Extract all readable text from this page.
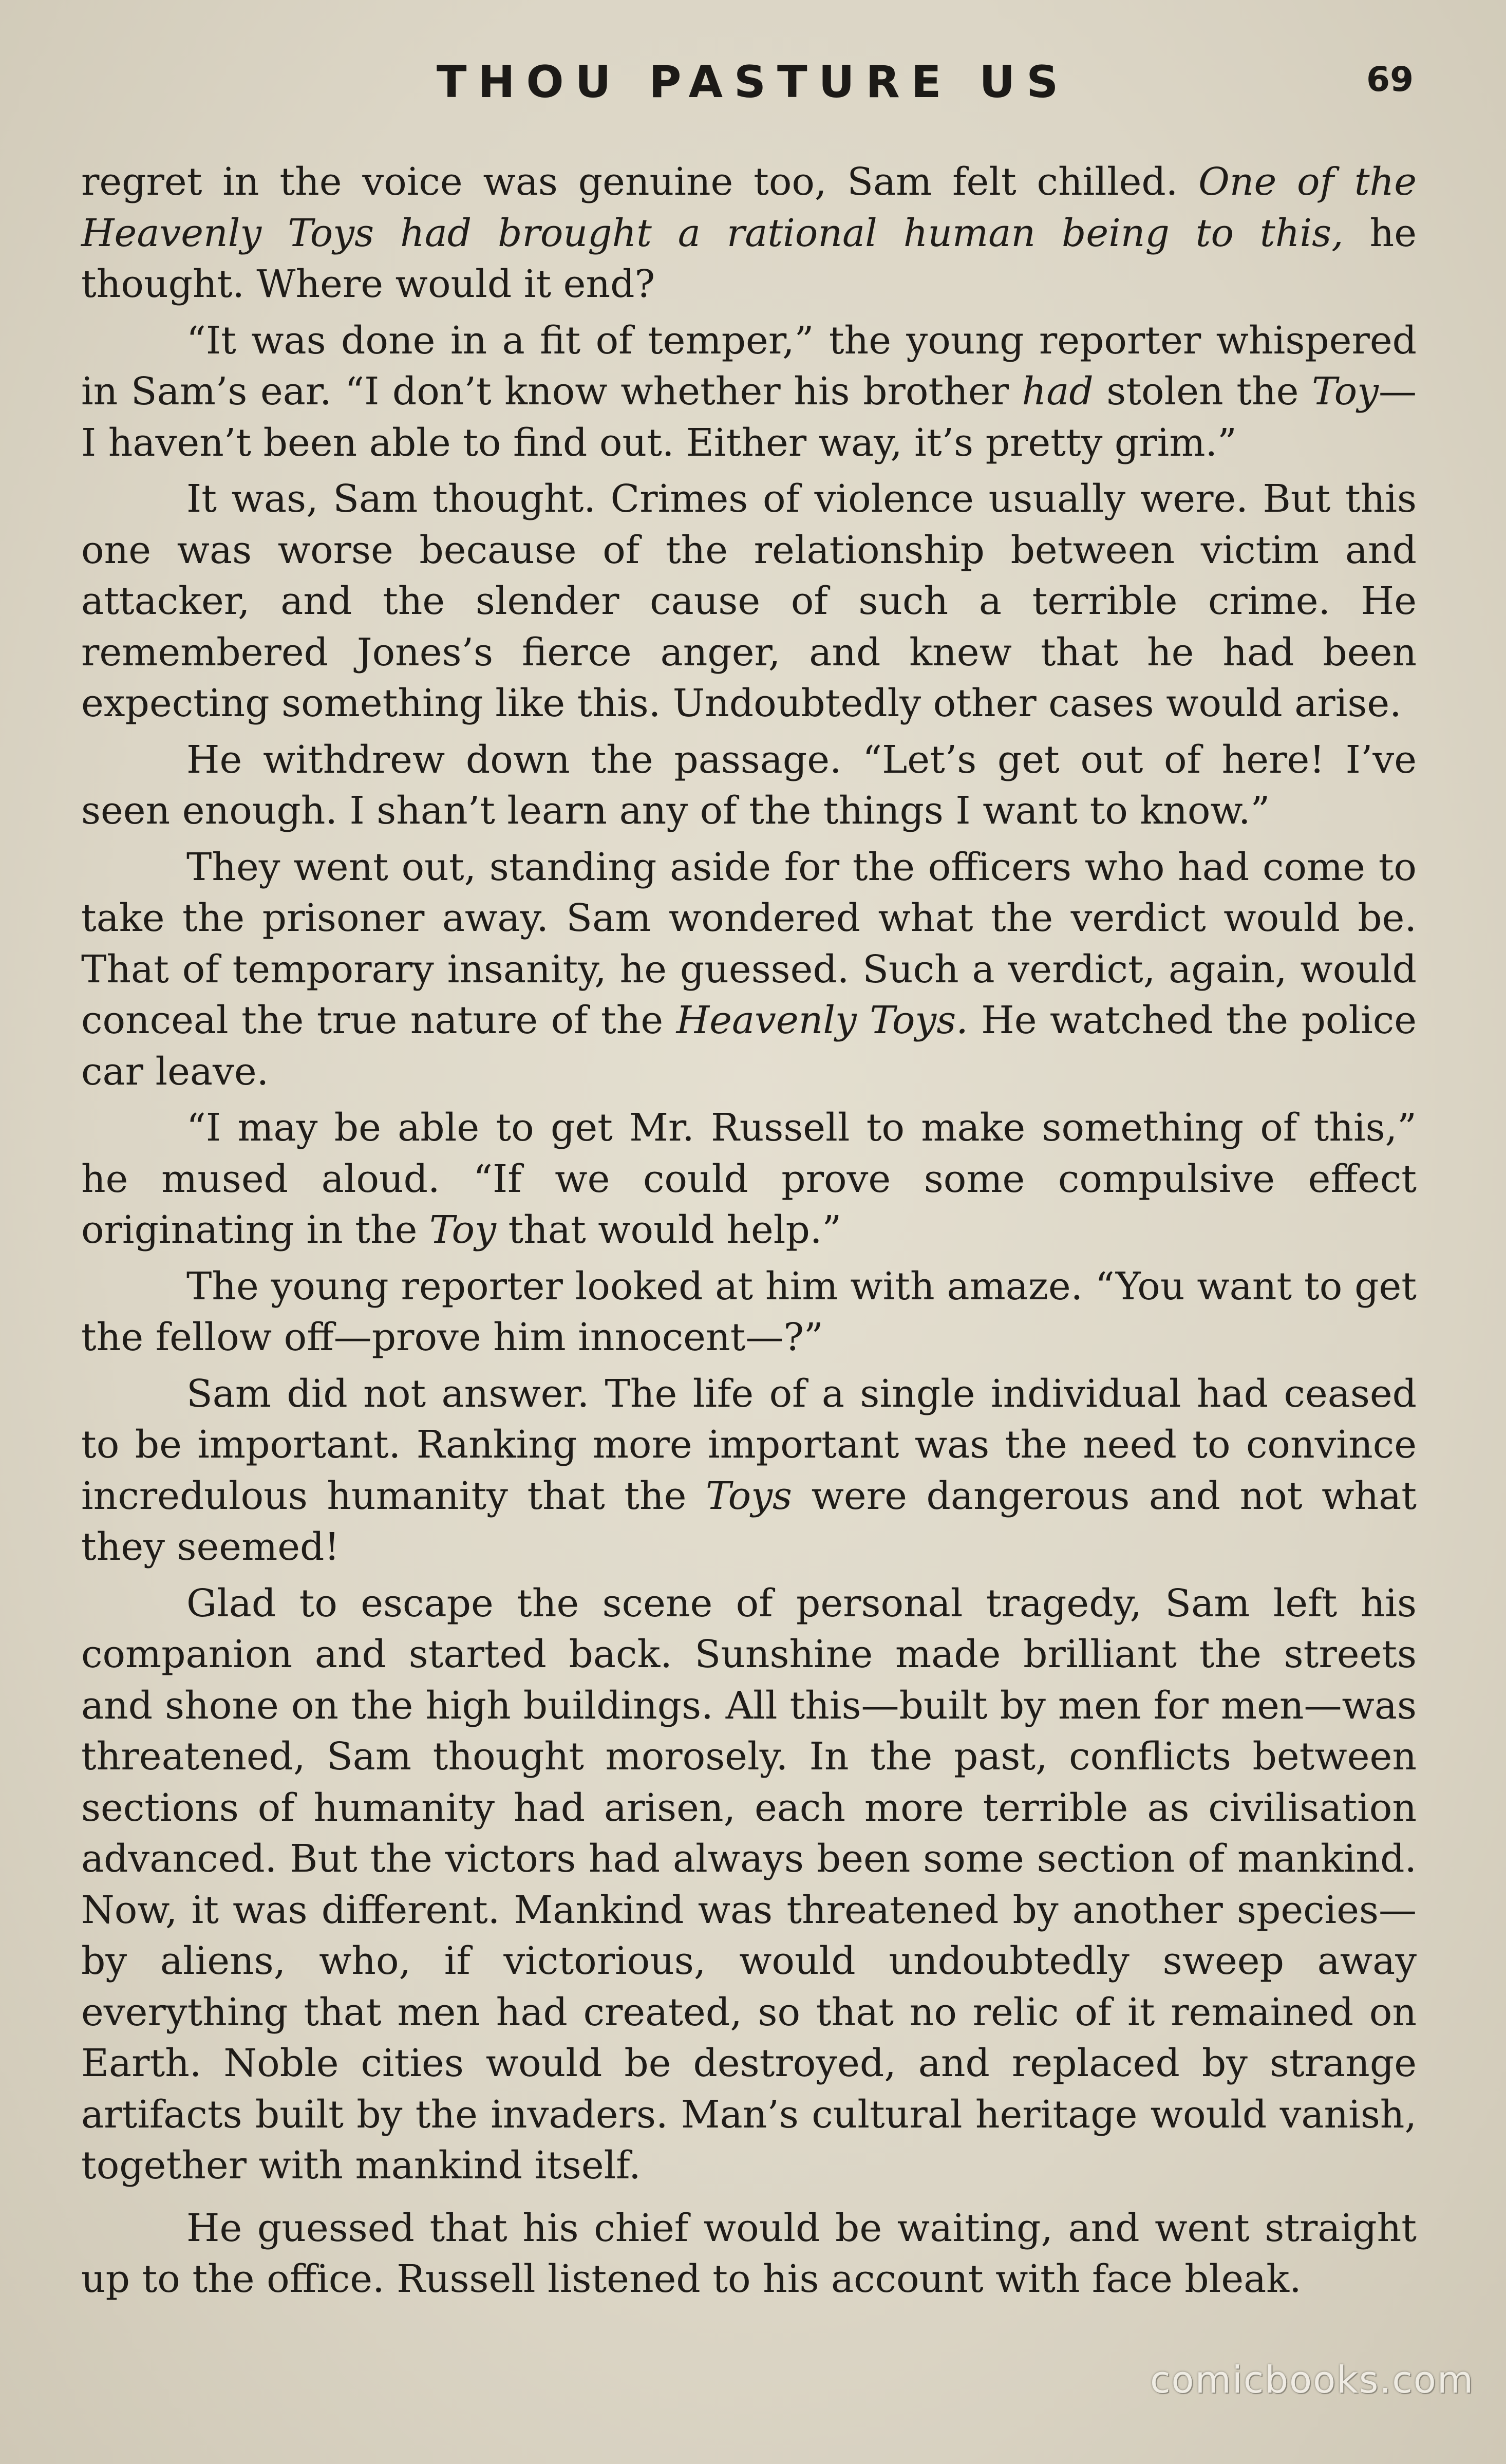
THOU PASTURE US	69

regret in the voice was genuine too, Sam felt chilled. One of the Heavenly Toys had brought a rational human being to this, he thought. Where would it end?

“It was done in a fit of temper,” the young reporter whispered in Sam’s ear. “I don’t know whether his brother had stolen the Toy—I haven’t been able to find out. Either way, it’s pretty grim.”

It was, Sam thought. Crimes of violence usually were. But this one was worse because of the relationship between victim and attacker, and the slender cause of such a terrible crime. He remembered Jones’s fierce anger, and knew that he had been expecting something like this. Undoubtedly other cases would arise.

He withdrew down the passage. “Let’s get out of here! I’ve seen enough. I shan’t learn any of the things I want to know.”

They went out, standing aside for the officers who had come to take the prisoner away. Sam wondered what the verdict would be. That of temporary insanity, he guessed. Such a verdict, again, would conceal the true nature of the Heavenly Toys. He watched the police car leave.

“I may be able to get Mr. Russell to make something of this,” he mused aloud. “If we could prove some compulsive effect originating in the Toy that would help.”

The young reporter looked at him with amaze. “You want to get the fellow off—prove him innocent—?”

Sam did not answer. The life of a single individual had ceased to be important. Ranking more important was the need to convince incredulous humanity that the Toys were dangerous and not what they seemed!

Glad to escape the scene of personal tragedy, Sam left his companion and started back. Sunshine made brilliant the streets and shone on the high buildings. All this—built by men for men—was threatened, Sam thought morosely. In the past, conflicts between sections of humanity had arisen, each more terrible as civilisation advanced. But the victors had always been some section of mankind. Now, it was different. Mankind was threatened by another species—by aliens, who, if victorious, would undoubtedly sweep away everything that men had created, so that no relic of it remained on Earth. Noble cities would be destroyed, and replaced by strange artifacts built by the invaders. Man’s cultural heritage would vanish, together with mankind itself.

He guessed that his chief would be waiting, and went straight up to the office. Russell listened to his account with face bleak.

comicbooks.com
